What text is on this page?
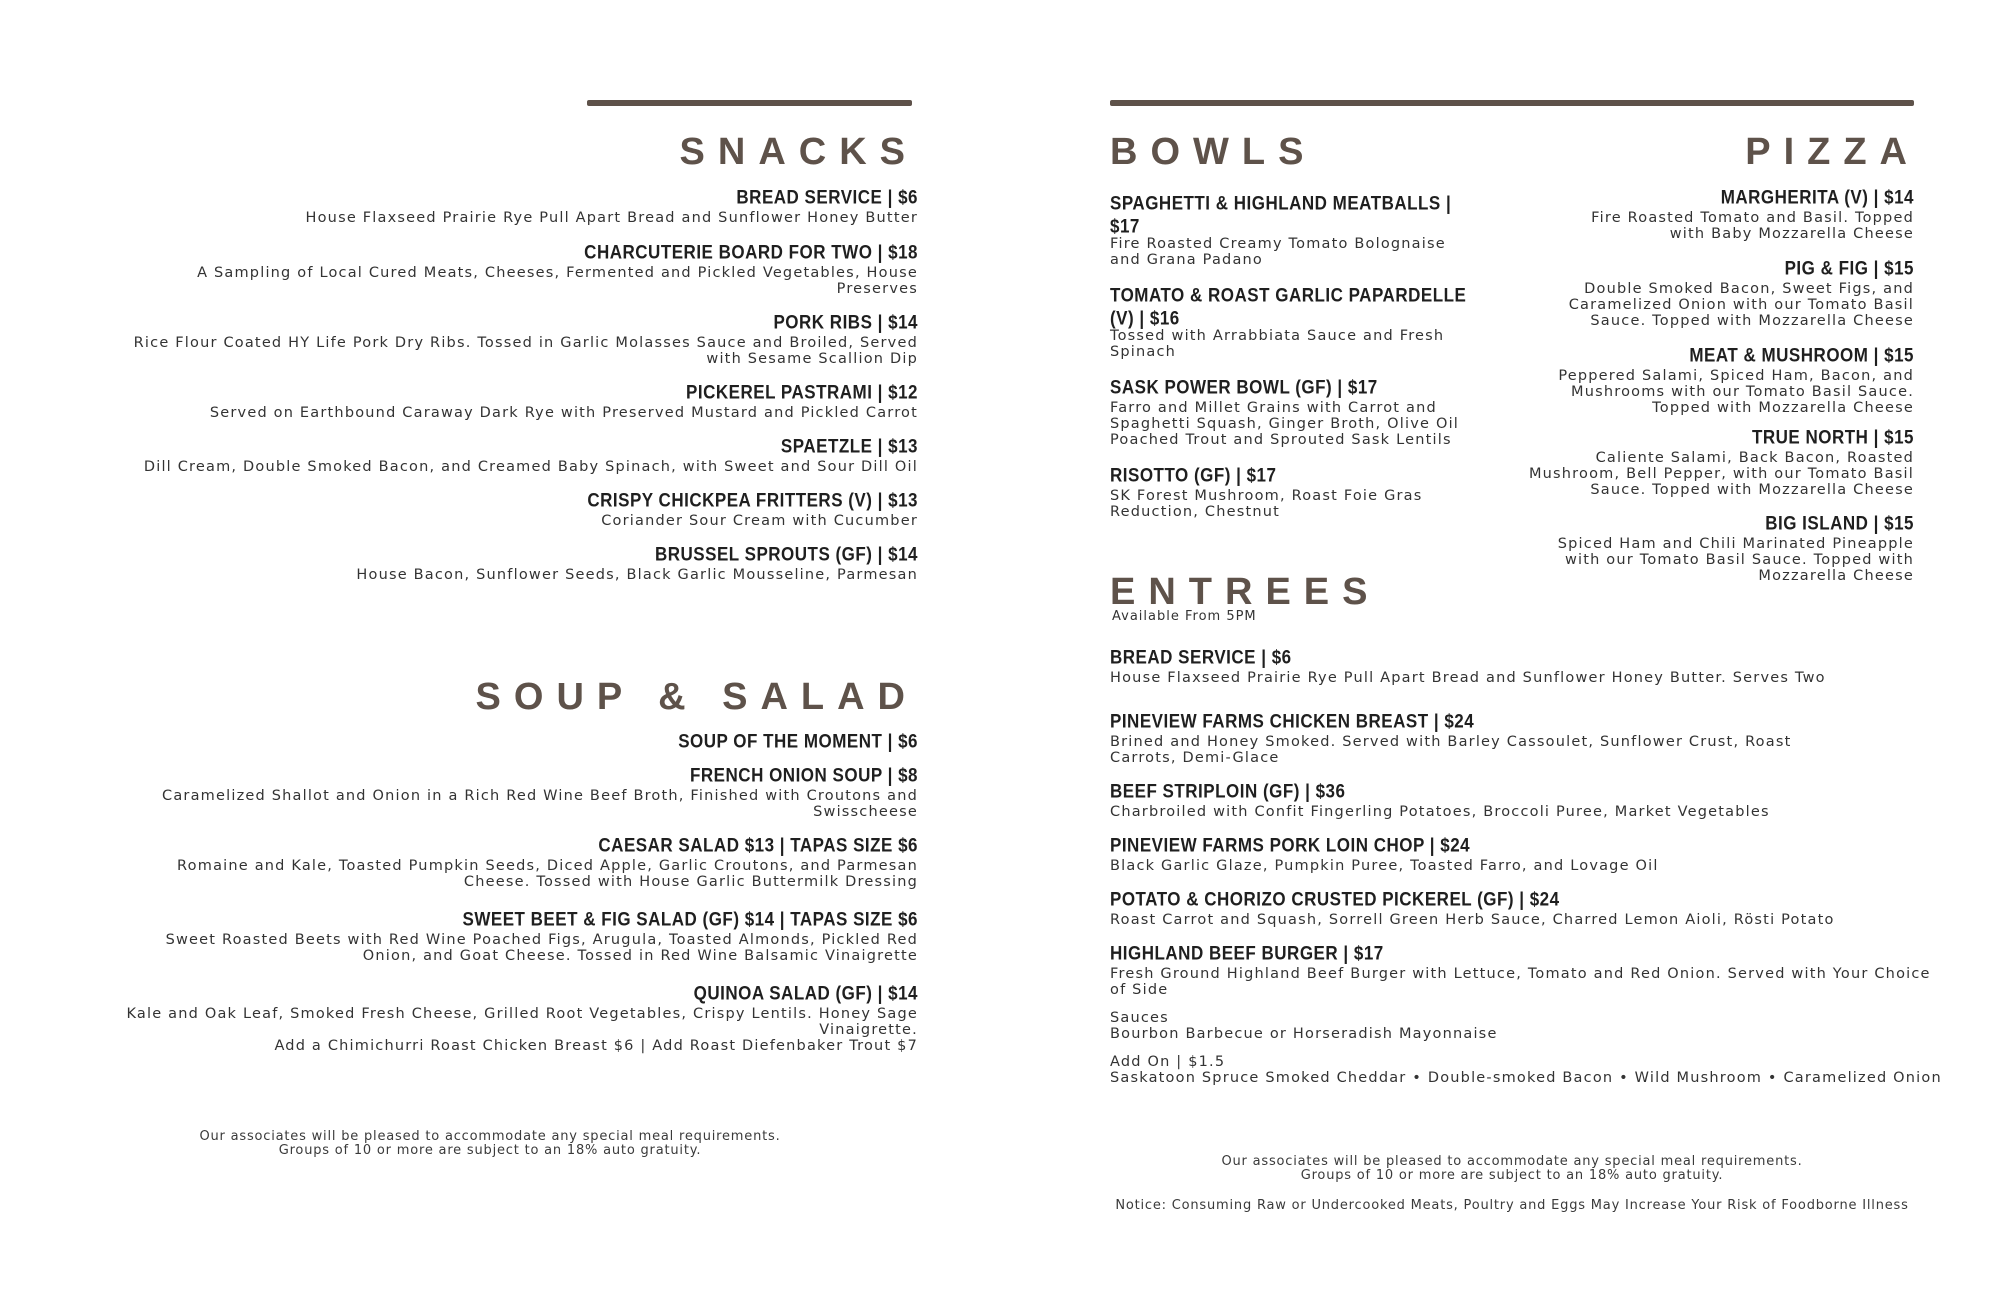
SNACKS
BREAD SERVICE | $6
House Flaxseed Prairie Rye Pull Apart Bread and Sunflower Honey Butter
CHARCUTERIE BOARD FOR TWO | $18
A Sampling of Local Cured Meats, Cheeses, Fermented and Pickled Vegetables, House Preserves
PORK RIBS | $14
Rice Flour Coated HY Life Pork Dry Ribs. Tossed in Garlic Molasses Sauce and Broiled, Served with Sesame Scallion Dip
PICKEREL PASTRAMI | $12
Served on Earthbound Caraway Dark Rye with Preserved Mustard and Pickled Carrot
SPAETZLE | $13
Dill Cream, Double Smoked Bacon, and Creamed Baby Spinach, with Sweet and Sour Dill Oil
CRISPY CHICKPEA FRITTERS (V) | $13
Coriander Sour Cream with Cucumber
BRUSSEL SPROUTS (GF) | $14
House Bacon, Sunflower Seeds, Black Garlic Mousseline, Parmesan
SOUP & SALAD
SOUP OF THE MOMENT | $6
FRENCH ONION SOUP | $8
Caramelized Shallot and Onion in a Rich Red Wine Beef Broth, Finished with Croutons and Swisscheese
CAESAR SALAD $13 | TAPAS SIZE $6
Romaine and Kale, Toasted Pumpkin Seeds, Diced Apple, Garlic Croutons, and Parmesan Cheese. Tossed with House Garlic Buttermilk Dressing
SWEET BEET & FIG SALAD (GF) $14 | TAPAS SIZE $6
Sweet Roasted Beets with Red Wine Poached Figs, Arugula, Toasted Almonds, Pickled Red Onion, and Goat Cheese. Tossed in Red Wine Balsamic Vinaigrette
QUINOA SALAD (GF) | $14
Kale and Oak Leaf, Smoked Fresh Cheese, Grilled Root Vegetables, Crispy Lentils. Honey Sage Vinaigrette.
Add a Chimichurri Roast Chicken Breast $6 | Add Roast Diefenbaker Trout $7
Our associates will be pleased to accommodate any special meal requirements.
Groups of 10 or more are subject to an 18% auto gratuity.
BOWLS	PIZZA
SPAGHETTI & HIGHLAND MEATBALLS | $17
Fire Roasted Creamy Tomato Bolognaise and Grana Padano
TOMATO & ROAST GARLIC PAPARDELLE (V) | $16
Tossed with Arrabbiata Sauce and Fresh Spinach
SASK POWER BOWL (GF) | $17
Farro and Millet Grains with Carrot and Spaghetti Squash, Ginger Broth, Olive Oil Poached Trout and Sprouted Sask Lentils
RISOTTO (GF) | $17
SK Forest Mushroom, Roast Foie Gras Reduction, Chestnut
MARGHERITA (V) | $14
Fire Roasted Tomato and Basil. Topped with Baby Mozzarella Cheese
PIG & FIG | $15
Double Smoked Bacon, Sweet Figs, and Caramelized Onion with our Tomato Basil Sauce. Topped with Mozzarella Cheese
MEAT & MUSHROOM | $15
Peppered Salami, Spiced Ham, Bacon, and Mushrooms with our Tomato Basil Sauce. Topped with Mozzarella Cheese
TRUE NORTH | $15
Caliente Salami, Back Bacon, Roasted Mushroom, Bell Pepper, with our Tomato Basil Sauce. Topped with Mozzarella Cheese
BIG ISLAND | $15
Spiced Ham and Chili Marinated Pineapple with our Tomato Basil Sauce. Topped with Mozzarella Cheese
ENTREES
Available From 5PM
BREAD SERVICE | $6
House Flaxseed Prairie Rye Pull Apart Bread and Sunflower Honey Butter. Serves Two
PINEVIEW FARMS CHICKEN BREAST | $24
Brined and Honey Smoked. Served with Barley Cassoulet, Sunflower Crust, Roast Carrots, Demi-Glace
BEEF STRIPLOIN (GF) | $36
Charbroiled with Confit Fingerling Potatoes, Broccoli Puree, Market Vegetables
PINEVIEW FARMS PORK LOIN CHOP | $24
Black Garlic Glaze, Pumpkin Puree, Toasted Farro, and Lovage Oil
POTATO & CHORIZO CRUSTED PICKEREL (GF) | $24
Roast Carrot and Squash, Sorrell Green Herb Sauce, Charred Lemon Aioli, Rösti Potato
HIGHLAND BEEF BURGER | $17
Fresh Ground Highland Beef Burger with Lettuce, Tomato and Red Onion. Served with Your Choice of Side
Sauces
Bourbon Barbecue or Horseradish Mayonnaise
Add On | $1.5
Saskatoon Spruce Smoked Cheddar • Double-smoked Bacon • Wild Mushroom • Caramelized Onion
Our associates will be pleased to accommodate any special meal requirements.
Groups of 10 or more are subject to an 18% auto gratuity.
Notice: Consuming Raw or Undercooked Meats, Poultry and Eggs May Increase Your Risk of Foodborne Illness
